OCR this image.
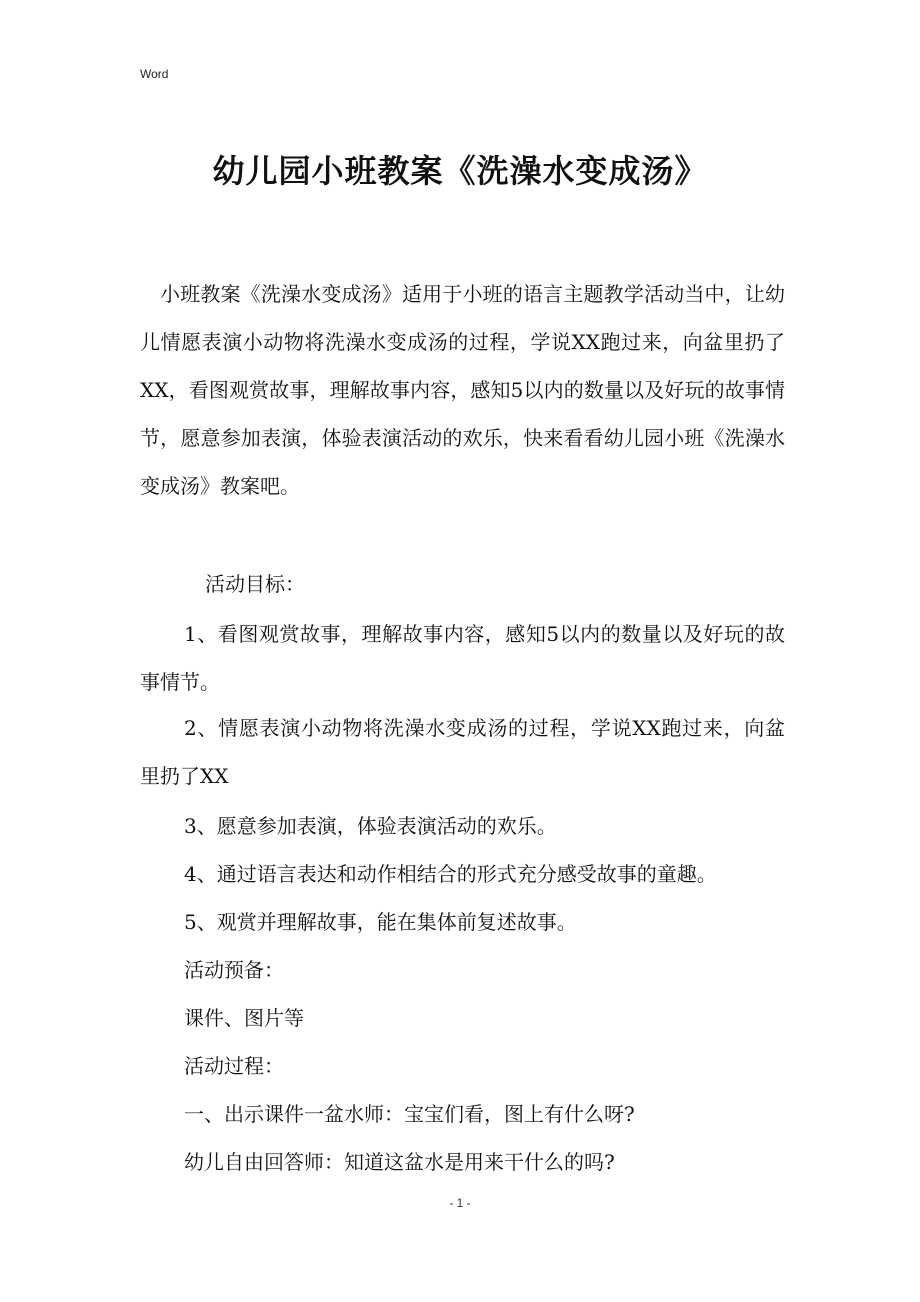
Word
幼儿园小班教案《洗澡水变成汤》

小班教案《洗澡水变成汤》适用于小班的语言主题教学活动当中，让幼儿情愿表演小动物将洗澡水变成汤的过程，学说XX跑过来，向盆里扔了XX，看图观赏故事，理解故事内容，感知5以内的数量以及好玩的故事情节，愿意参加表演，体验表演活动的欢乐，快来看看幼儿园小班《洗澡水变成汤》教案吧。

活动目标：

1、看图观赏故事，理解故事内容，感知5以内的数量以及好玩的故事情节。

2、情愿表演小动物将洗澡水变成汤的过程，学说XX跑过来，向盆里扔了XX

3、愿意参加表演，体验表演活动的欢乐。

4、通过语言表达和动作相结合的形式充分感受故事的童趣。

5、观赏并理解故事，能在集体前复述故事。

活动预备：

课件、图片等

活动过程：

一、出示课件一盆水师：宝宝们看，图上有什么呀?

幼儿自由回答师：知道这盆水是用来干什么的吗?

- 1 -
